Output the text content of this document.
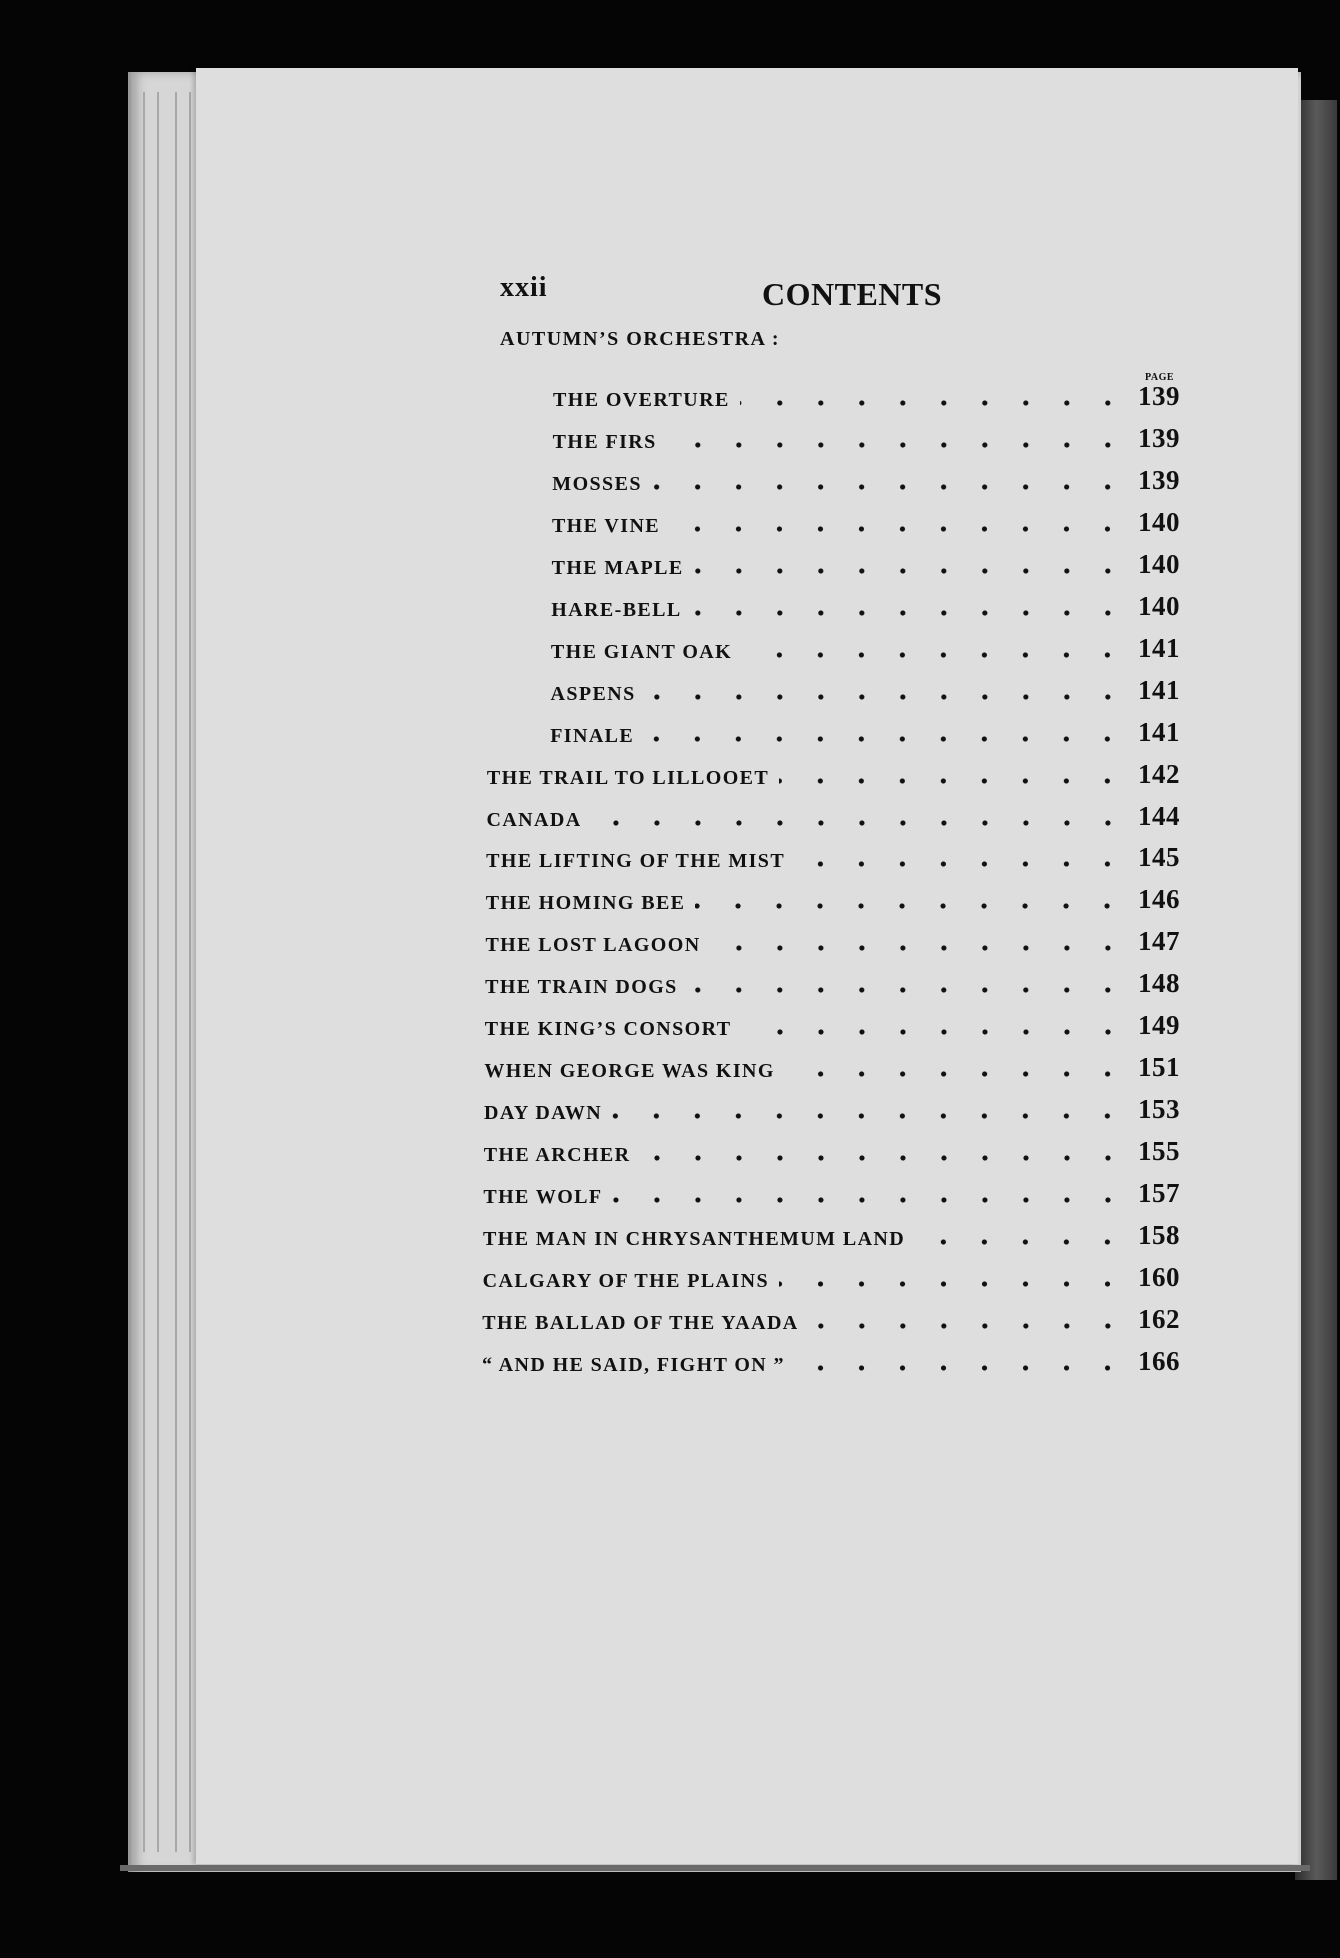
xxii	CONTENTS
AUTUMN’S ORCHESTRA :
PAGE
THE OVERTURE	139
THE FIRS	139
MOSSES	139
THE VINE	140
THE MAPLE	140
HARE-BELL	140
THE GIANT OAK	141
ASPENS	141
FINALE	141
THE TRAIL TO LILLOOET	142
CANADA	144
THE LIFTING OF THE MIST	145
THE HOMING BEE	146
THE LOST LAGOON	147
THE TRAIN DOGS	148
THE KING’S CONSORT	149
WHEN GEORGE WAS KING	151
DAY DAWN	153
THE ARCHER	155
THE WOLF	157
THE MAN IN CHRYSANTHEMUM LAND	158
CALGARY OF THE PLAINS	160
THE BALLAD OF THE YAADA	162
“ AND HE SAID, FIGHT ON ”	166
